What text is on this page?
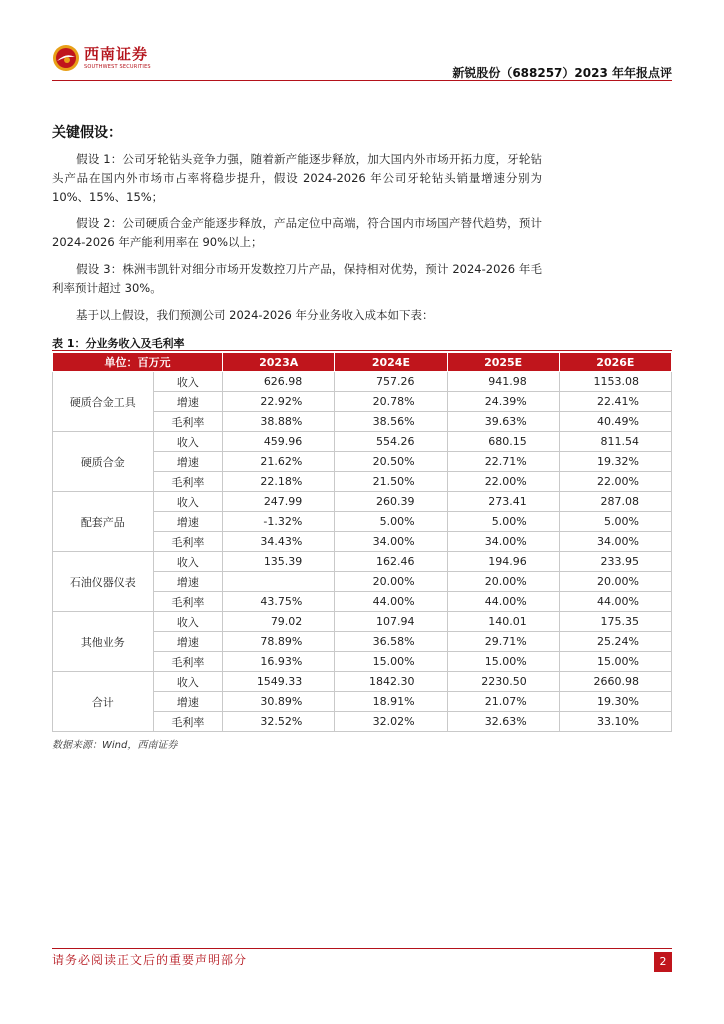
西南证券
SOUTHWEST SECURITIES	新锐股份（688257）2023 年年报点评
关键假设：
假设 1：公司牙轮钻头竞争力强，随着新产能逐步释放，加大国内外市场开拓力度，牙轮钻头产品在国内外市场市占率将稳步提升，假设 2024-2026 年公司牙轮钻头销量增速分别为 10%、15%、15%；
假设 2：公司硬质合金产能逐步释放，产品定位中高端，符合国内市场国产替代趋势，预计 2024-2026 年产能利用率在 90%以上；
假设 3：株洲韦凯针对细分市场开发数控刀片产品，保持相对优势，预计 2024-2026 年毛利率预计超过 30%。
基于以上假设，我们预测公司 2024-2026 年分业务收入成本如下表：
表 1：分业务收入及毛利率
单位：百万元		2023A	2024E	2025E	2026E
硬质合金工具	收入	626.98	757.26	941.98	1153.08
	增速	22.92%	20.78%	24.39%	22.41%
	毛利率	38.88%	38.56%	39.63%	40.49%
硬质合金	收入	459.96	554.26	680.15	811.54
	增速	21.62%	20.50%	22.71%	19.32%
	毛利率	22.18%	21.50%	22.00%	22.00%
配套产品	收入	247.99	260.39	273.41	287.08
	增速	-1.32%	5.00%	5.00%	5.00%
	毛利率	34.43%	34.00%	34.00%	34.00%
石油仪器仪表	收入	135.39	162.46	194.96	233.95
	增速		20.00%	20.00%	20.00%
	毛利率	43.75%	44.00%	44.00%	44.00%
其他业务	收入	79.02	107.94	140.01	175.35
	增速	78.89%	36.58%	29.71%	25.24%
	毛利率	16.93%	15.00%	15.00%	15.00%
合计	收入	1549.33	1842.30	2230.50	2660.98
	增速	30.89%	18.91%	21.07%	19.30%
	毛利率	32.52%	32.02%	32.63%	33.10%
数据来源：Wind，西南证券
请务必阅读正文后的重要声明部分	2
